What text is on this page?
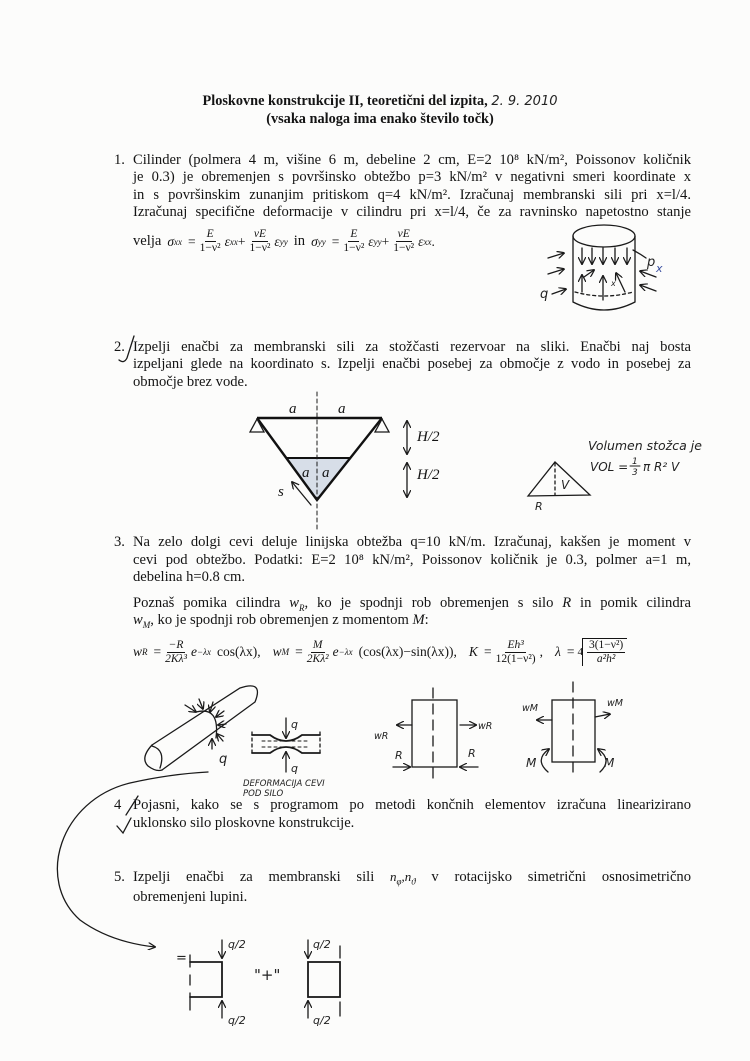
Ploskovne konstrukcije II, teoretični del izpita, 2. 9. 2010
(vsaka naloga ima enako število točk)
1. Cilinder (polmera 4 m, višine 6 m, debeline 2 cm, E=2 10⁸ kN/m², Poissonov količnik
je 0.3) je obremenjen s površinsko obtežbo p=3 kN/m² v negativni smeri koordinate x
in s površinskim zunanjim pritiskom q=4 kN/m². Izračunaj membranski sili pri x=l/4.
Izračunaj specifične deformacije v cilindru pri x=l/4, če za ravninsko napetostno stanje
velja σ xx = $\frac{E}{\text{1−ν²}}$ ε xx + $\frac{\nu E}{\text{1−ν²}}$ ε yy in σ yy = $\frac{E}{\text{1−ν²}}$ ε yy + $\frac{\nu E}{\text{1−ν²}}$ ε xx .
2. Izpelji enačbi za membranski sili za stožčasti rezervoar na sliki. Enačbi naj bosta
izpeljani glede na koordinato s. Izpelji enačbi posebej za območje z vodo in posebej za
območje brez vode.
3. Na zelo dolgi cevi deluje linijska obtežba q=10 kN/m. Izračunaj, kakšen je moment v
cevi pod obtežbo. Podatki: E=2 10⁸ kN/m², Poissonov količnik je 0.3, polmer a=1 m,
debelina h=0.8 cm.
Poznaš pomika cilindra $w_R$, ko je spodnji rob obremenjen s silo R in pomik cilindra
$w_M$, ko je spodnji rob obremenjen z momentom M:
w $R = \frac{-R}{\text{2Kλ³}}$ e −λx cos(λx), w $M = \frac{M}{\text{2Kλ²}}$ e −λx (cos(λx)−sin(λx)), $K = \frac{\text{Eh³}}{\text{12(1−ν²)}}$ , $\lambda = 4 \frac{\text{3(1−ν²)}}{\text{a²h²}}$
4 Pojasni, kako se s programom po metodi končnih elementov izračuna linearizirano
uklonsko silo ploskovne konstrukcije.
5. Izpelji enačbi za membranski sili $n_\varphi,n_ϑ$ v rotacijsko simetrični osnosimetrično
obremenjeni lupini.
p x
x
q
a	a
a a
H/2
H/2
s	V
R
Volumen stožca je
VOL = 1
3 π R² V
q
q
q
DEFORMACIJA CEVI
POD SILO
wR
wR
R	R
wM	wM
M	M
=
q/2
q/2
"+"
q/2
q/2
